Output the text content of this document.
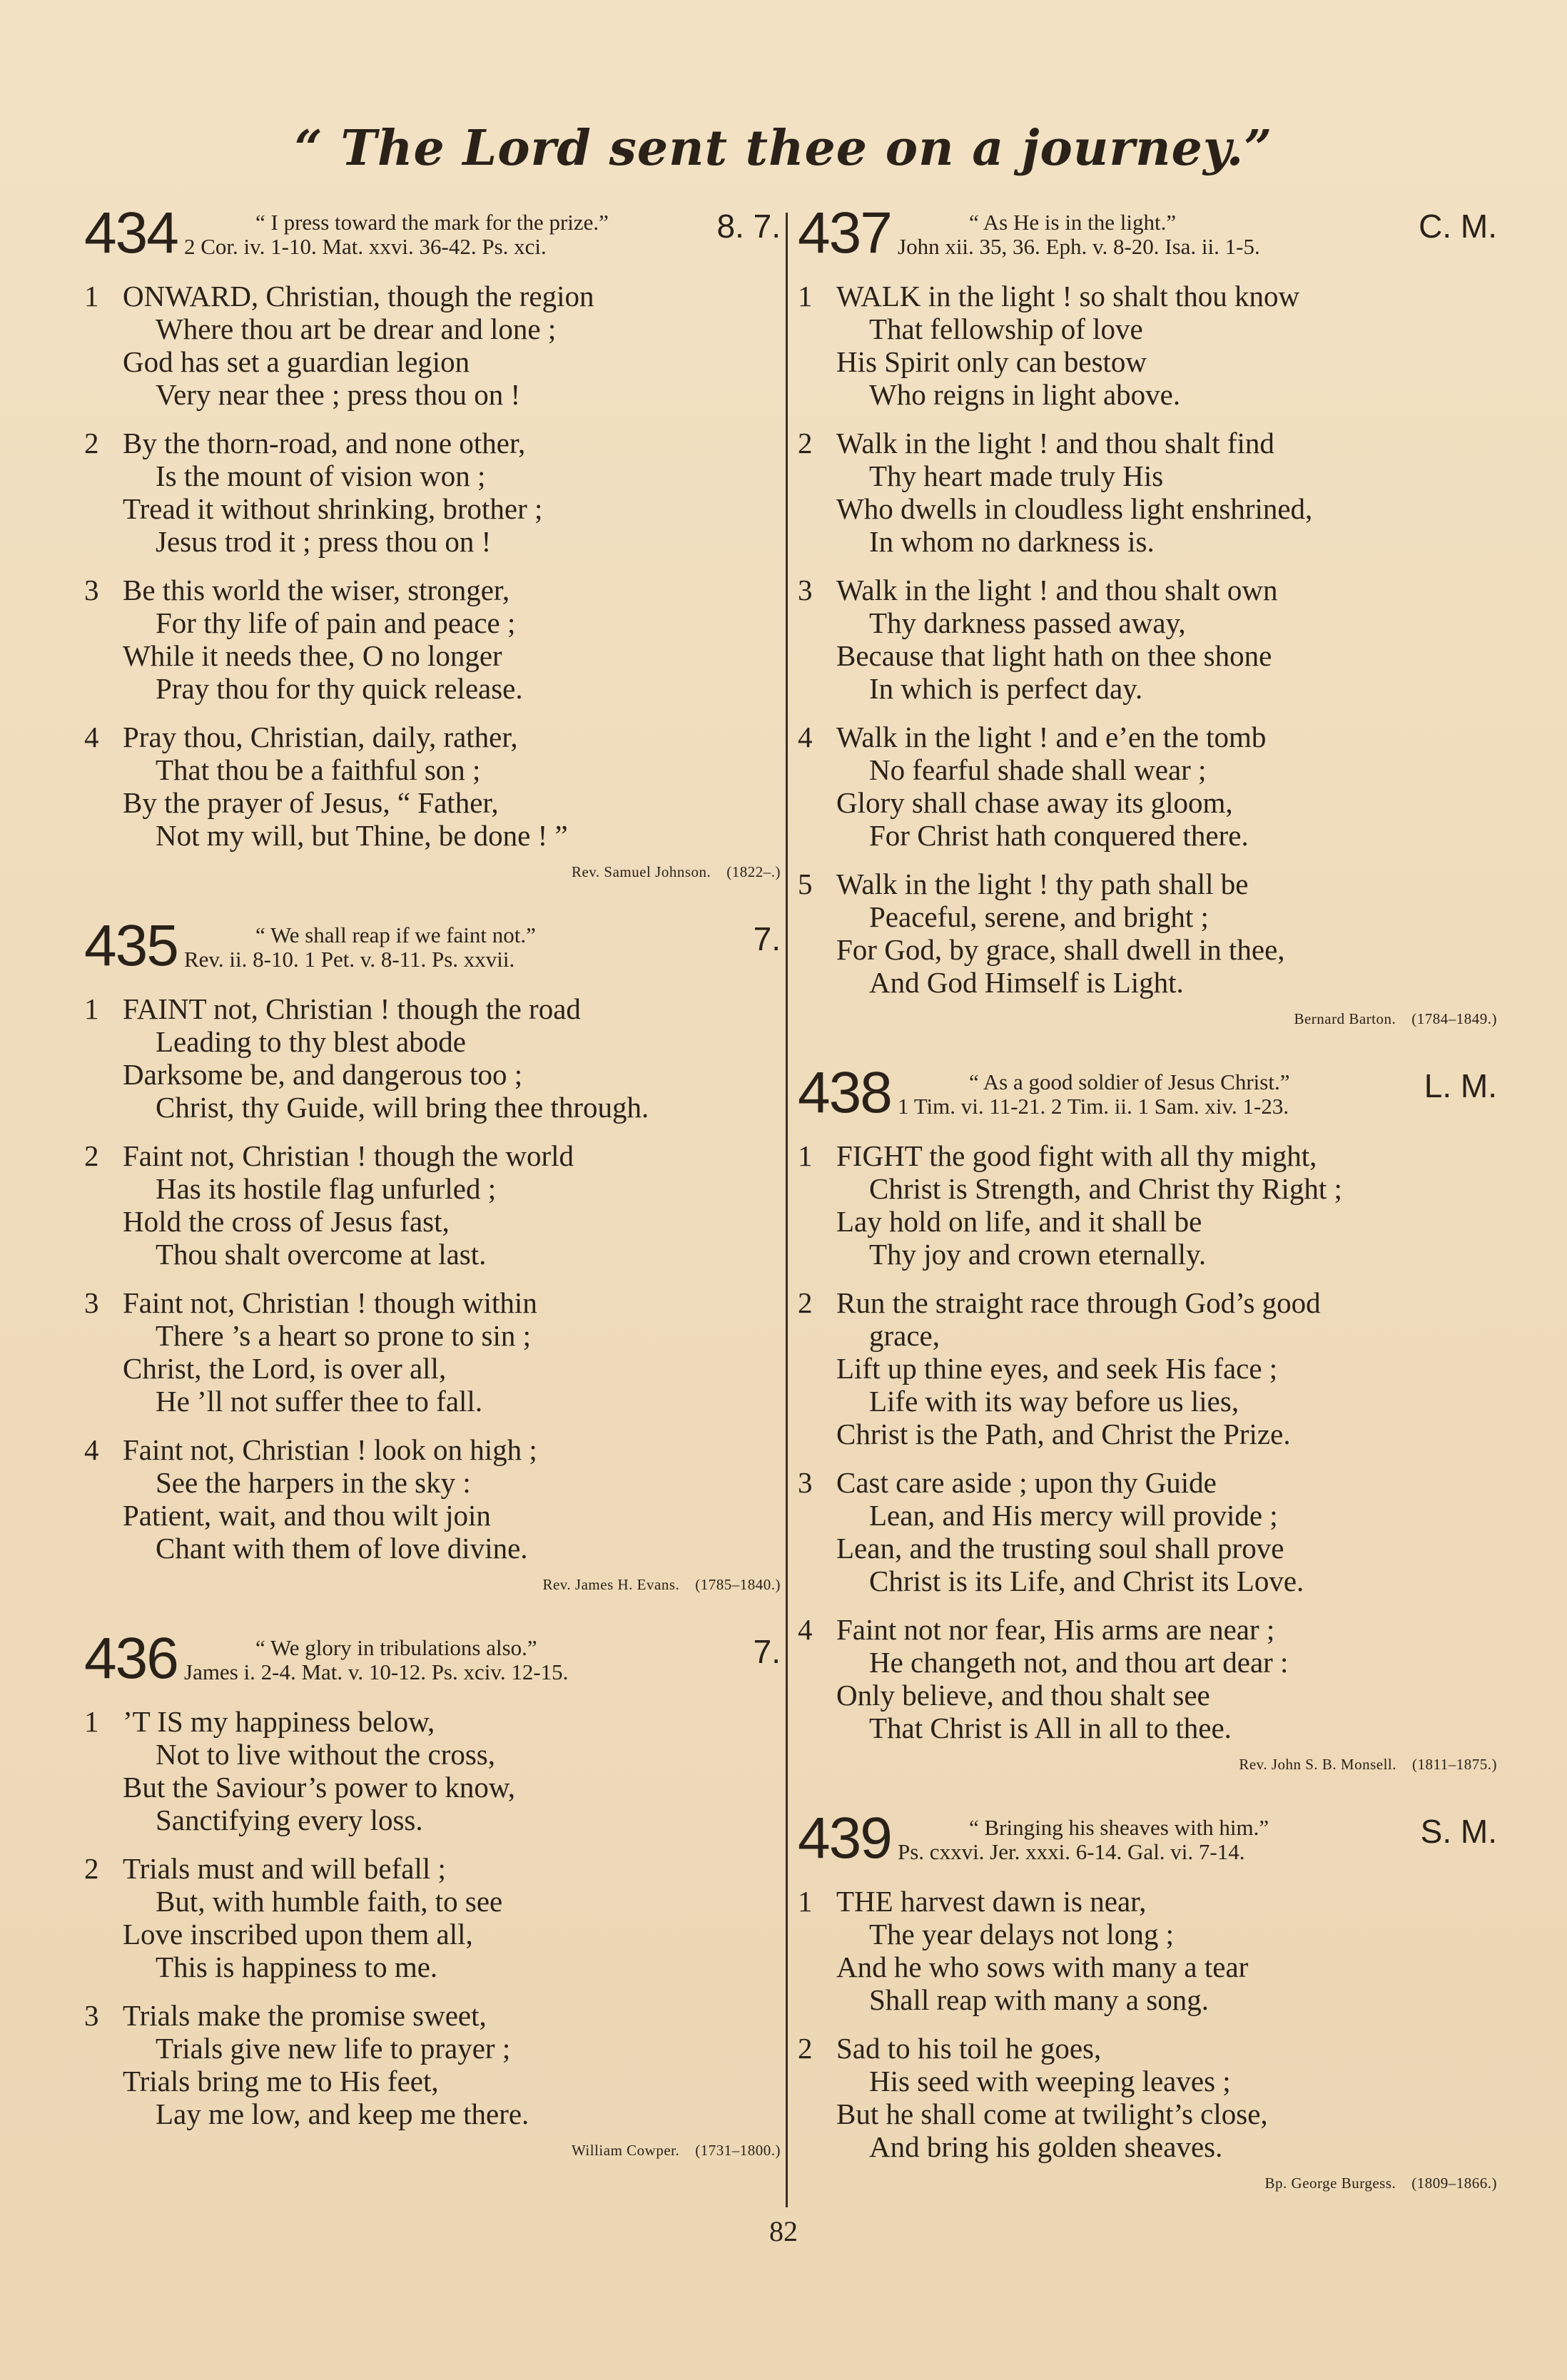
“ The Lord sent thee on a journey.”
434	“ I press toward the mark for the prize.”
2 Cor. iv. 1-10. Mat. xxvi. 36-42. Ps. xci.
8. 7.
1 ONWARD, Christian, though the region
Where thou art be drear and lone ;
God has set a guardian legion
Very near thee ; press thou on !
2 By the thorn-road, and none other,
Is the mount of vision won ;
Tread it without shrinking, brother ;
Jesus trod it ; press thou on !
3 Be this world the wiser, stronger,
For thy life of pain and peace ;
While it needs thee, O no longer
Pray thou for thy quick release.
4 Pray thou, Christian, daily, rather,
That thou be a faithful son ;
By the prayer of Jesus, “ Father,
Not my will, but Thine, be done ! ”
Rev. Samuel Johnson. (1822–.)
435	“ We shall reap if we faint not.”
Rev. ii. 8-10. 1 Pet. v. 8-11. Ps. xxvii.
7.
1 FAINT not, Christian ! though the road
Leading to thy blest abode
Darksome be, and dangerous too ;
Christ, thy Guide, will bring thee through.
2 Faint not, Christian ! though the world
Has its hostile flag unfurled ;
Hold the cross of Jesus fast,
Thou shalt overcome at last.
3 Faint not, Christian ! though within
There ’s a heart so prone to sin ;
Christ, the Lord, is over all,
He ’ll not suffer thee to fall.
4 Faint not, Christian ! look on high ;
See the harpers in the sky :
Patient, wait, and thou wilt join
Chant with them of love divine.
Rev. James H. Evans. (1785–1840.)
436	“ We glory in tribulations also.”
James i. 2-4. Mat. v. 10-12. Ps. xciv. 12-15.
7.
1 ’T IS my happiness below,
Not to live without the cross,
But the Saviour’s power to know,
Sanctifying every loss.
2 Trials must and will befall ;
But, with humble faith, to see
Love inscribed upon them all,
This is happiness to me.
3 Trials make the promise sweet,
Trials give new life to prayer ;
Trials bring me to His feet,
Lay me low, and keep me there.
William Cowper. (1731–1800.)
437	“ As He is in the light.”
John xii. 35, 36. Eph. v. 8-20. Isa. ii. 1-5.
C. M.
1 WALK in the light ! so shalt thou know
That fellowship of love
His Spirit only can bestow
Who reigns in light above.
2 Walk in the light ! and thou shalt find
Thy heart made truly His
Who dwells in cloudless light enshrined,
In whom no darkness is.
3 Walk in the light ! and thou shalt own
Thy darkness passed away,
Because that light hath on thee shone
In which is perfect day.
4 Walk in the light ! and e’en the tomb
No fearful shade shall wear ;
Glory shall chase away its gloom,
For Christ hath conquered there.
5 Walk in the light ! thy path shall be
Peaceful, serene, and bright ;
For God, by grace, shall dwell in thee,
And God Himself is Light.
Bernard Barton. (1784–1849.)
438	“ As a good soldier of Jesus Christ.”
1 Tim. vi. 11-21. 2 Tim. ii. 1 Sam. xiv. 1-23.
L. M.
1 FIGHT the good fight with all thy might,
Christ is Strength, and Christ thy Right ;
Lay hold on life, and it shall be
Thy joy and crown eternally.
2 Run the straight race through God’s good
grace,
Lift up thine eyes, and seek His face ;
Life with its way before us lies,
Christ is the Path, and Christ the Prize.
3 Cast care aside ; upon thy Guide
Lean, and His mercy will provide ;
Lean, and the trusting soul shall prove
Christ is its Life, and Christ its Love.
4 Faint not nor fear, His arms are near ;
He changeth not, and thou art dear :
Only believe, and thou shalt see
That Christ is All in all to thee.
Rev. John S. B. Monsell. (1811–1875.)
439	“ Bringing his sheaves with him.”
Ps. cxxvi. Jer. xxxi. 6-14. Gal. vi. 7-14.
S. M.
1 THE harvest dawn is near,
The year delays not long ;
And he who sows with many a tear
Shall reap with many a song.
2 Sad to his toil he goes,
His seed with weeping leaves ;
But he shall come at twilight’s close,
And bring his golden sheaves.
Bp. George Burgess. (1809–1866.)
82
